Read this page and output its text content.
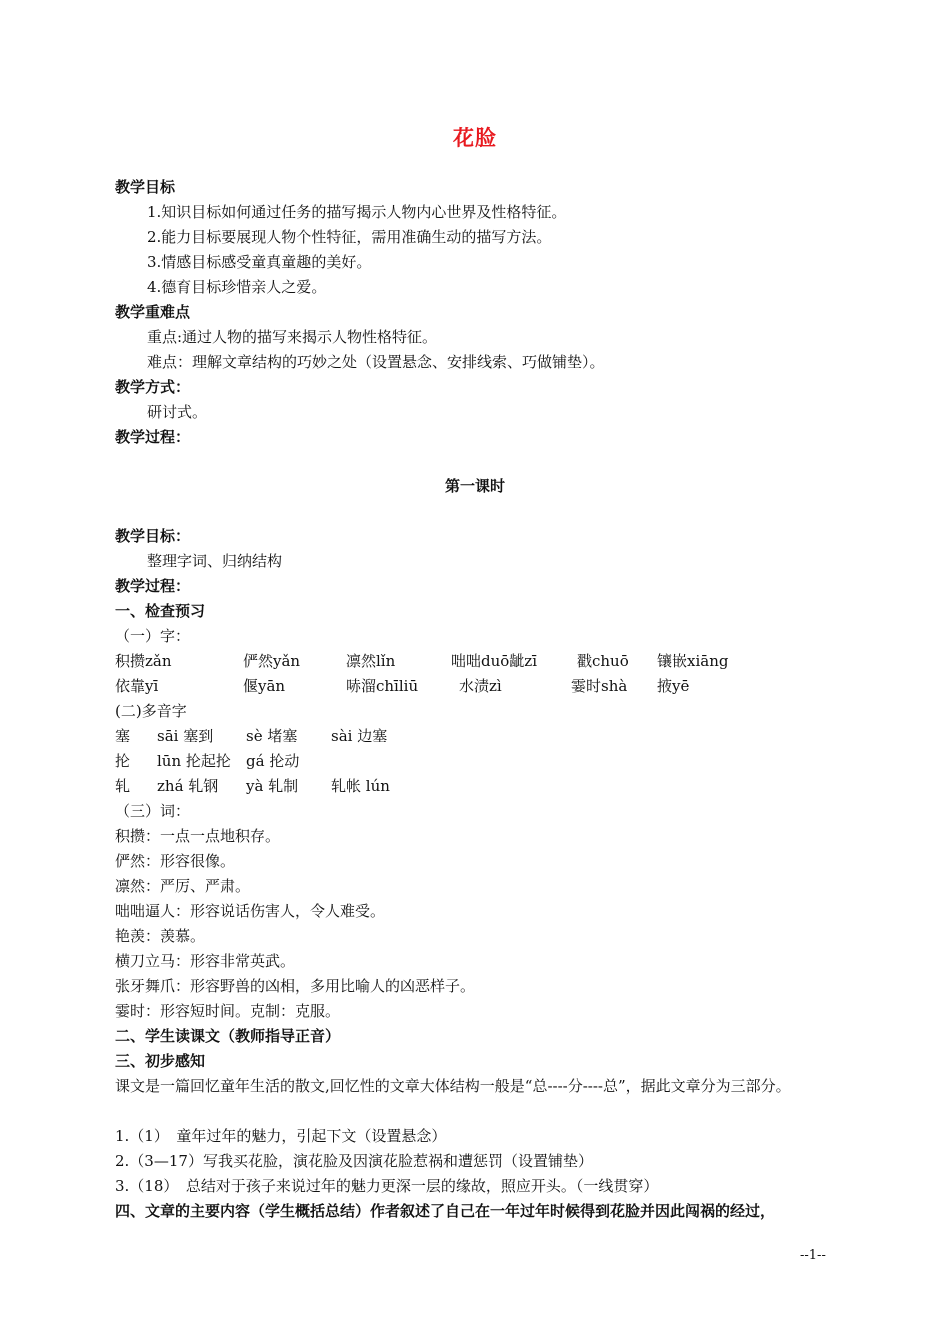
花脸
教学目标
1.知识目标如何通过任务的描写揭示人物内心世界及性格特征。
2.能力目标要展现人物个性特征，需用准确生动的描写方法。
3.情感目标感受童真童趣的美好。
4.德育目标珍惜亲人之爱。
教学重难点
重点:通过人物的描写来揭示人物性格特征。
难点：理解文章结构的巧妙之处（设置悬念、安排线索、巧做铺垫）。
教学方式：
研讨式。
教学过程：
第一课时
教学目标：
整理字词、归纳结构
教学过程：
一、检查预习
（一）字：
积攒zǎn	俨然yǎn	凛然lǐn	咄咄duō龇zī	戳chuō 镶嵌xiāng
依靠yī	偃yān	哧溜chīliū	水渍zì	霎时shà 掖yē
(二)多音字
塞 sāi 塞到 sè 堵塞 sài 边塞
抡 lūn 抡起抡 gá 抡动
轧 zhá 轧钢 yà 轧制 轧帐 lún
（三）词：
积攒：一点一点地积存。
俨然：形容很像。
凛然：严厉、严肃。
咄咄逼人：形容说话伤害人，令人难受。
艳羡：羡慕。
横刀立马：形容非常英武。
张牙舞爪：形容野兽的凶相，多用比喻人的凶恶样子。
霎时：形容短时间。克制：克服。
二、学生读课文（教师指导正音）
三、初步感知
课文是一篇回忆童年生活的散文,回忆性的文章大体结构一般是“总----分----总”，据此文章分为三部分。
1.（1）　童年过年的魅力，引起下文（设置悬念）
2.（3—17）写我买花脸，演花脸及因演花脸惹祸和遭惩罚（设置铺垫）
3.（18）　总结对于孩子来说过年的魅力更深一层的缘故，照应开头。（一线贯穿）
四、文章的主要内容（学生概括总结）作者叙述了自己在一年过年时候得到花脸并因此闯祸的经过，
--1--
